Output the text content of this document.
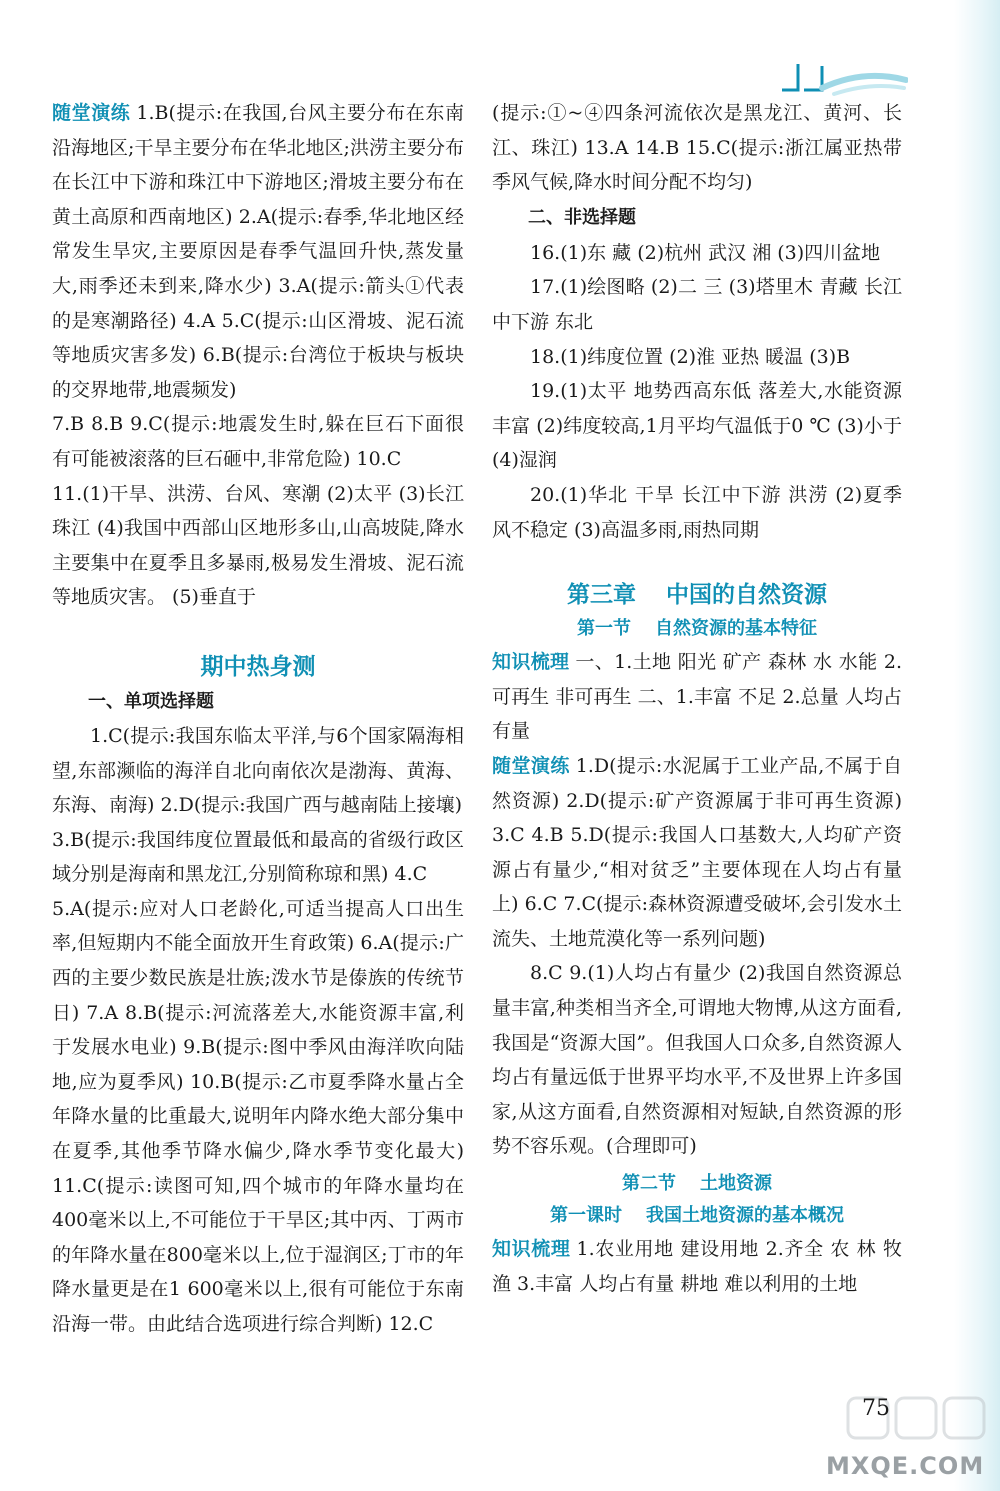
随堂演练 1.B(提示:在我国,台风主要分布在东南沿海地区;干旱主要分布在华北地区;洪涝主要分布在长江中下游和珠江中下游地区;滑坡主要分布在黄土高原和西南地区) 2.A(提示:春季,华北地区经常发生旱灾,主要原因是春季气温回升快,蒸发量大,雨季还未到来,降水少) 3.A(提示:箭头①代表的是寒潮路径) 4.A 5.C(提示:山区滑坡、泥石流等地质灾害多发) 6.B(提示:台湾位于板块与板块的交界地带,地震频发)

7.B 8.B 9.C(提示:地震发生时,躲在巨石下面很有可能被滚落的巨石砸中,非常危险) 10.C

11.(1)干旱、洪涝、台风、寒潮 (2)太平 (3)长江 珠江 (4)我国中西部山区地形多山,山高坡陡,降水主要集中在夏季且多暴雨,极易发生滑坡、泥石流等地质灾害。 (5)垂直于

期中热身测

一、单项选择题

1.C(提示:我国东临太平洋,与6个国家隔海相望,东部濒临的海洋自北向南依次是渤海、黄海、东海、南海) 2.D(提示:我国广西与越南陆上接壤)

3.B(提示:我国纬度位置最低和最高的省级行政区域分别是海南和黑龙江,分别简称琼和黑) 4.C

5.A(提示:应对人口老龄化,可适当提高人口出生率,但短期内不能全面放开生育政策) 6.A(提示:广西的主要少数民族是壮族;泼水节是傣族的传统节日) 7.A 8.B(提示:河流落差大,水能资源丰富,利于发展水电业) 9.B(提示:图中季风由海洋吹向陆地,应为夏季风) 10.B(提示:乙市夏季降水量占全年降水量的比重最大,说明年内降水绝大部分集中在夏季,其他季节降水偏少,降水季节变化最大) 11.C(提示:读图可知,四个城市的年降水量均在400毫米以上,不可能位于干旱区;其中丙、丁两市的年降水量在800毫米以上,位于湿润区;丁市的年降水量更是在1 600毫米以上,很有可能位于东南沿海一带。由此结合选项进行综合判断) 12.C

(提示:①~④四条河流依次是黑龙江、黄河、长江、珠江) 13.A 14.B 15.C(提示:浙江属亚热带季风气候,降水时间分配不均匀)

二、非选择题

16.(1)东 藏 (2)杭州 武汉 湘 (3)四川盆地

17.(1)绘图略 (2)二 三 (3)塔里木 青藏 长江中下游 东北

18.(1)纬度位置 (2)淮 亚热 暖温 (3)B

19.(1)太平 地势西高东低 落差大,水能资源丰富 (2)纬度较高,1月平均气温低于0 ℃ (3)小于 (4)湿润

20.(1)华北 干旱 长江中下游 洪涝 (2)夏季风不稳定 (3)高温多雨,雨热同期

第三章 中国的自然资源
第一节 自然资源的基本特征

知识梳理 一、1.土地 阳光 矿产 森林 水 水能 2.可再生 非可再生 二、1.丰富 不足 2.总量 人均占有量

随堂演练 1.D(提示:水泥属于工业产品,不属于自然资源) 2.D(提示:矿产资源属于非可再生资源) 3.C 4.B 5.D(提示:我国人口基数大,人均矿产资源占有量少,“相对贫乏”主要体现在人均占有量上) 6.C 7.C(提示:森林资源遭受破坏,会引发水土流失、土地荒漠化等一系列问题)

8.C 9.(1)人均占有量少 (2)我国自然资源总量丰富,种类相当齐全,可谓地大物博,从这方面看,我国是“资源大国”。但我国人口众多,自然资源人均占有量远低于世界平均水平,不及世界上许多国家,从这方面看,自然资源相对短缺,自然资源的形势不容乐观。(合理即可)

第二节 土地资源
第一课时 我国土地资源的基本概况

知识梳理 1.农业用地 建设用地 2.齐全 农 林 牧 渔 3.丰富 人均占有量 耕地 难以利用的土地

75
MXQE.COM
